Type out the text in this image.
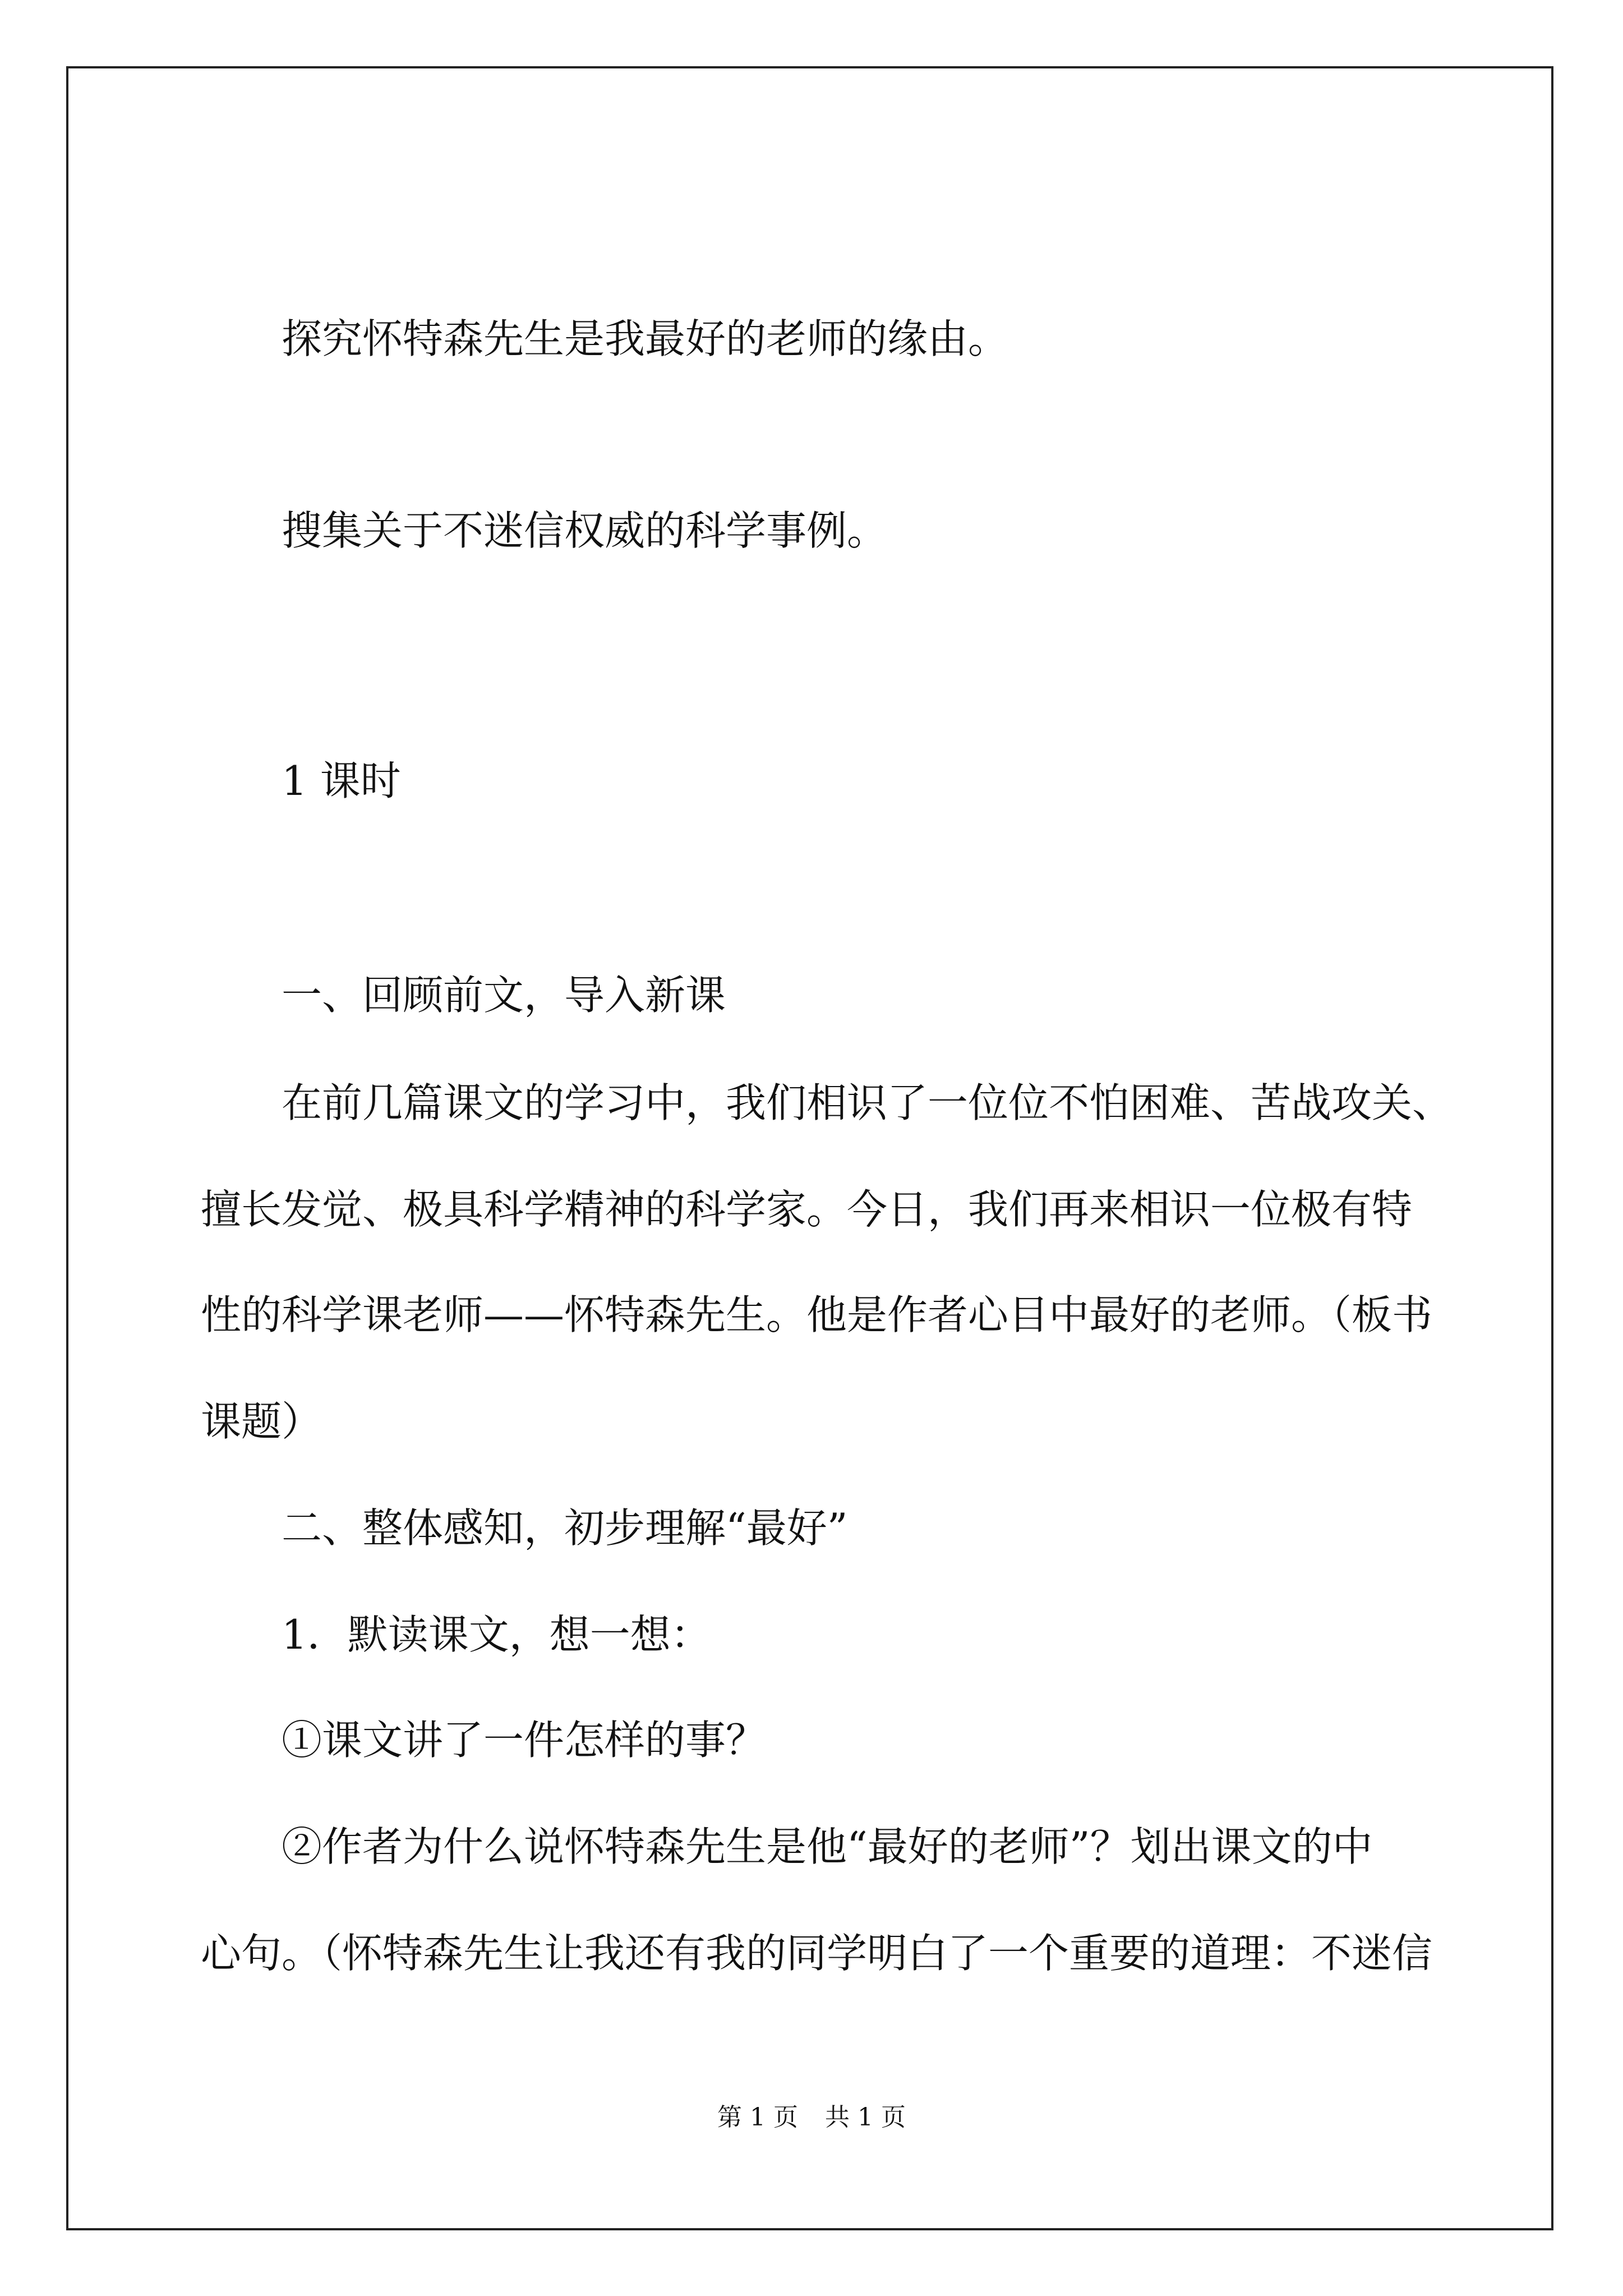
探究怀特森先生是我最好的老师的缘由。

搜集关于不迷信权威的科学事例。

1 课时

一、回顾前文，导入新课

在前几篇课文的学习中，我们相识了一位位不怕困难、苦战攻关、

擅长发觉、极具科学精神的科学家。今日，我们再来相识一位极有特

性的科学课老师——怀特森先生。他是作者心目中最好的老师。（板书

课题）

二、整体感知，初步理解“最好”

1．默读课文，想一想：

①课文讲了一件怎样的事？

②作者为什么说怀特森先生是他“最好的老师”？划出课文的中

心句。（怀特森先生让我还有我的同学明白了一个重要的道理：不迷信

第 1 页 共 1 页
